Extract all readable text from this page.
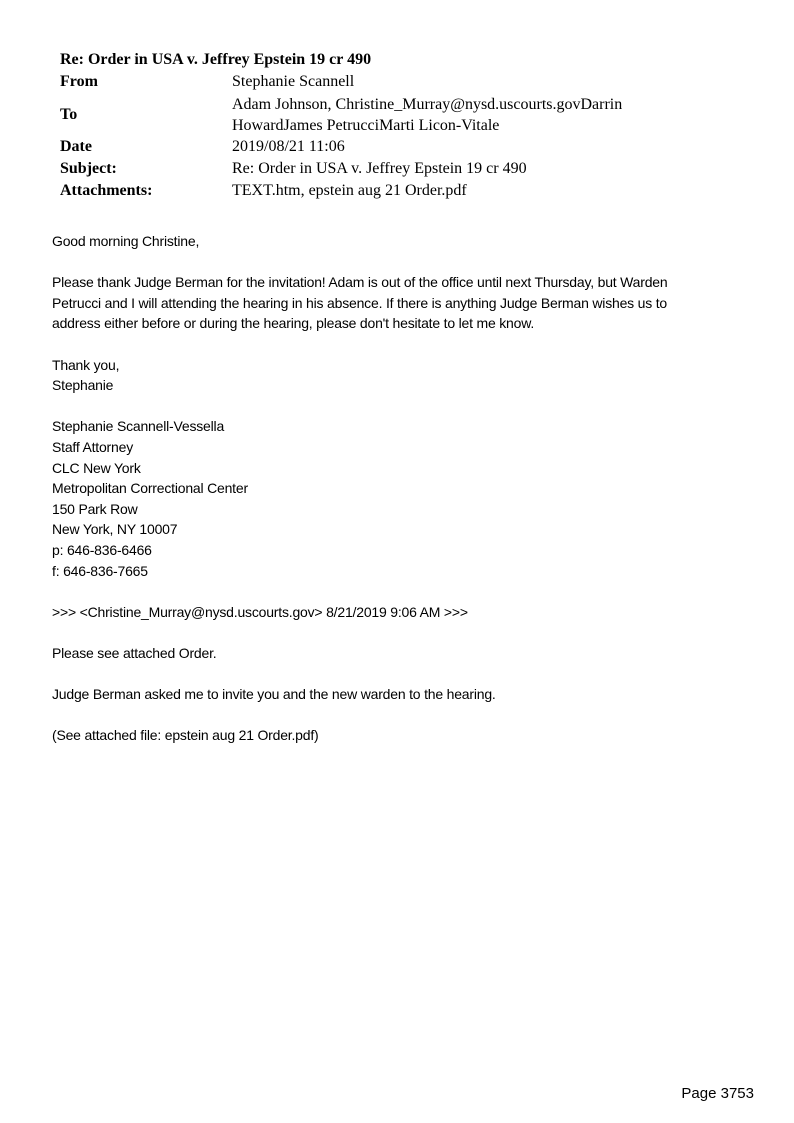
Re: Order in USA v. Jeffrey Epstein 19 cr 490
From	Stephanie Scannell
To	Adam Johnson, Christine_Murray@nysd.uscourts.govDarrin
HowardJames PetrucciMarti Licon-Vitale

Date	2019/08/21 11:06
Subject:	Re: Order in USA v. Jeffrey Epstein 19 cr 490
Attachments:	TEXT.htm, epstein aug 21 Order.pdf

Good morning Christine,

Please thank Judge Berman for the invitation! Adam is out of the office until next Thursday, but Warden

Petrucci and I will attending the hearing in his absence. If there is anything Judge Berman wishes us to

address either before or during the hearing, please don't hesitate to let me know.

Thank you,

Stephanie

Stephanie Scannell-Vessella

Staff Attorney

CLC New York

Metropolitan Correctional Center

150 Park Row

New York, NY 10007

p: 646-836-6466

f: 646-836-7665

>>> <Christine_Murray@nysd.uscourts.gov> 8/21/2019 9:06 AM >>>

Please see attached Order.

Judge Berman asked me to invite you and the new warden to the hearing.

(See attached file: epstein aug 21 Order.pdf)

Page 3753
